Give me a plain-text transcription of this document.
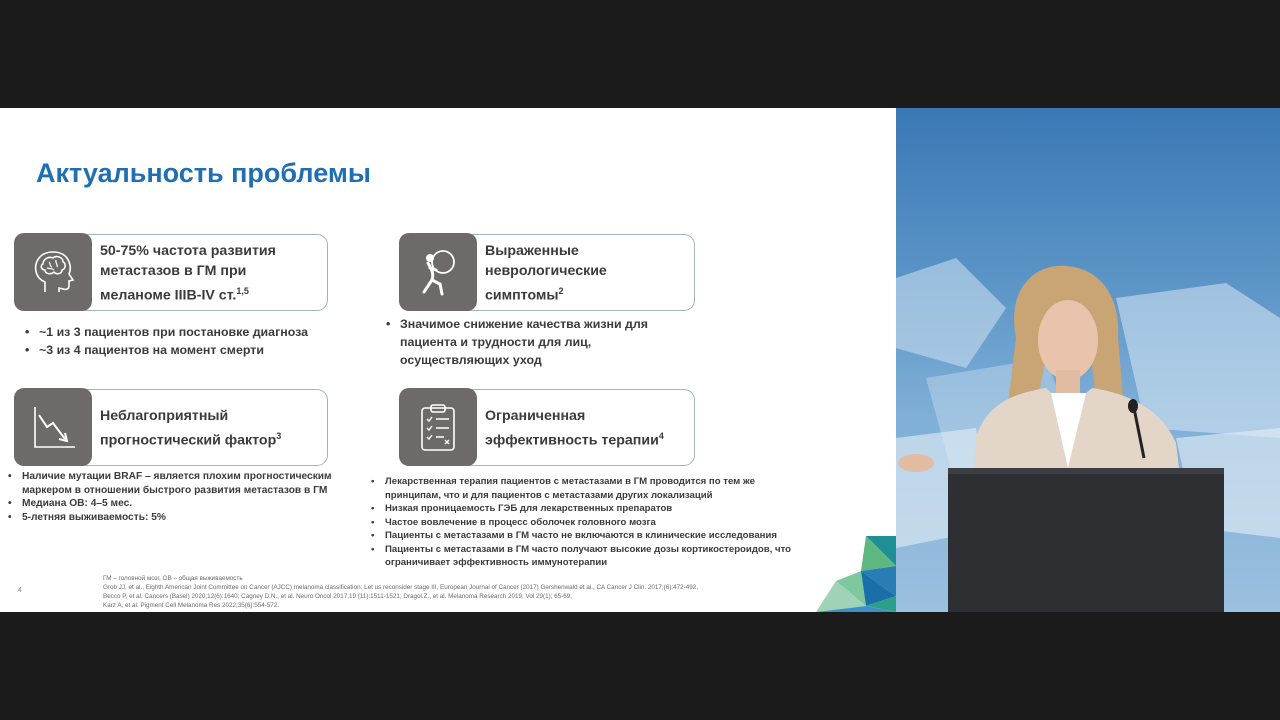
Актуальность проблемы
50-75% частота развития
метастазов в ГМ при
меланоме IIIB-IV ст.$^{1,5}$
Выраженные
неврологические
симптомы$^2$
Неблагоприятный
прогностический фактор$^3$
Ограниченная
эффективность терапии$^4$
• ~1 из 3 пациентов при постановке диагноза
• ~3 из 4 пациентов на момент смерти
• Значимое снижение качества жизни для пациента и трудности для лиц, осуществляющих уход
• Наличие мутации BRAF – является плохим прогностическим маркером в отношении быстрого развития метастазов в ГМ
• Медиана ОВ: 4–5 мес.
• 5-летняя выживаемость: 5%
• Лекарственная терапия пациентов с метастазами в ГМ проводится по тем же принципам, что и для пациентов с метастазами других локализаций
• Низкая проницаемость ГЭБ для лекарственных препаратов
• Частое вовлечение в процесс оболочек головного мозга
• Пациенты с метастазами в ГМ часто не включаются в клинические исследования
• Пациенты с метастазами в ГМ часто получают высокие дозы кортикостероидов, что ограничивает эффективность иммунотерапии
ГМ – головной мозг, ОВ – общая выживаемость
Grob JJ, et al., Eighth American Joint Committee on Cancer (AJCC) melanoma classification: Let us reconsider stage III, European Journal of Cancer (2017) Gershenwald et al., CA Cancer J Clin. 2017;(6):472-492,
Becco P, et al. Cancers (Basel) 2020;12(6):1640; Cagney D.N., et al. Neuro Oncol 2017;19 (11):1511-1521; Dragol.Z., et al. Melanoma Research 2019, Vol 29(1); 65-69;
Karz A, et al. Pigment Cell Melanoma Res 2022;35(6):554-572.
4
